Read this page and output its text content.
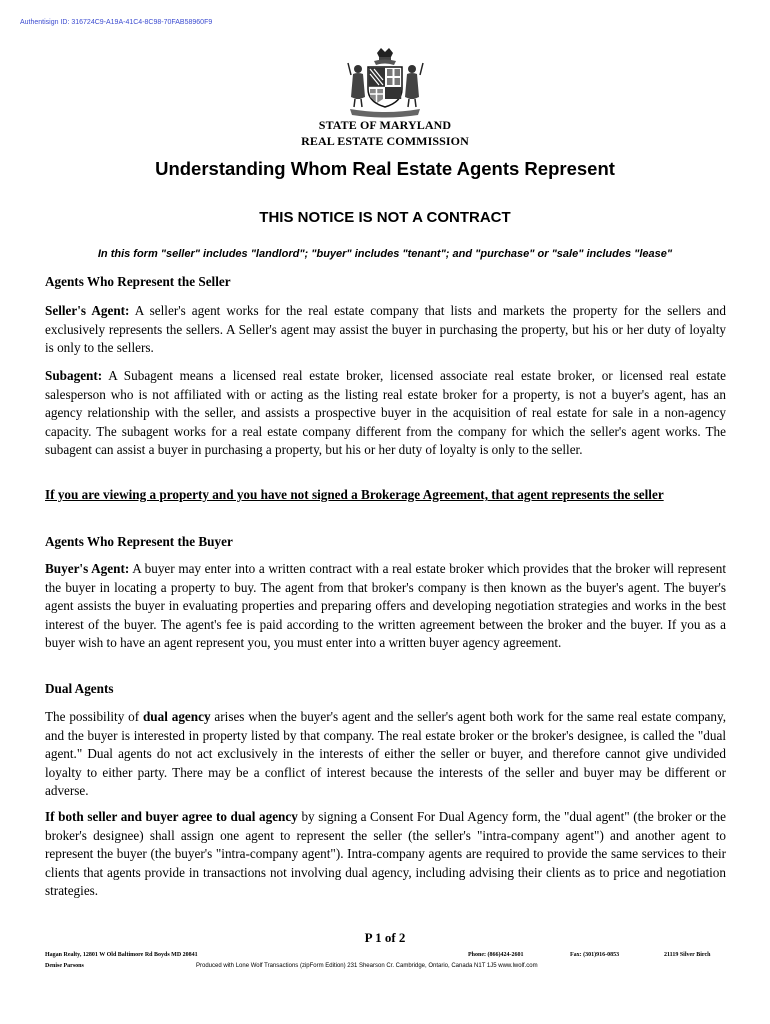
Authentisign ID: 316724C9-A19A-41C4-8C98-70FAB58960F9
STATE OF MARYLAND
REAL ESTATE COMMISSION
Understanding Whom Real Estate Agents Represent
THIS NOTICE IS NOT A CONTRACT
In this form "seller" includes "landlord"; "buyer" includes "tenant"; and "purchase" or "sale" includes "lease"

Agents Who Represent the Seller

Seller's Agent: A seller's agent works for the real estate company that lists and markets the property for the sellers and exclusively represents the sellers. A Seller's agent may assist the buyer in purchasing the property, but his or her duty of loyalty is only to the sellers.

Subagent: A Subagent means a licensed real estate broker, licensed associate real estate broker, or licensed real estate salesperson who is not affiliated with or acting as the listing real estate broker for a property, is not a buyer's agent, has an agency relationship with the seller, and assists a prospective buyer in the acquisition of real estate for sale in a non-agency capacity. The subagent works for a real estate company different from the company for which the seller's agent works. The subagent can assist a buyer in purchasing a property, but his or her duty of loyalty is only to the seller.

If you are viewing a property and you have not signed a Brokerage Agreement, that agent represents the seller

Agents Who Represent the Buyer

Buyer's Agent: A buyer may enter into a written contract with a real estate broker which provides that the broker will represent the buyer in locating a property to buy. The agent from that broker's company is then known as the buyer's agent. The buyer's agent assists the buyer in evaluating properties and preparing offers and developing negotiation strategies and works in the best interest of the buyer. The agent's fee is paid according to the written agreement between the broker and the buyer. If you as a buyer wish to have an agent represent you, you must enter into a written buyer agency agreement.

Dual Agents

The possibility of dual agency arises when the buyer's agent and the seller's agent both work for the same real estate company, and the buyer is interested in property listed by that company. The real estate broker or the broker's designee, is called the "dual agent." Dual agents do not act exclusively in the interests of either the seller or buyer, and therefore cannot give undivided loyalty to either party. There may be a conflict of interest because the interests of the seller and buyer may be different or adverse.

If both seller and buyer agree to dual agency by signing a Consent For Dual Agency form, the "dual agent" (the broker or the broker's designee) shall assign one agent to represent the seller (the seller's "intra-company agent") and another agent to represent the buyer (the buyer's "intra-company agent"). Intra-company agents are required to provide the same services to their clients that agents provide in transactions not involving dual agency, including advising their clients as to price and negotiation strategies.

P 1 of 2
Hagan Realty, 12801 W Old Baltimore Rd Boyds MD 20841	Phone: (866)424-2601	Fax: (301)916-0853	21119 Silver Birch
Denise Parsons	Produced with Lone Wolf Transactions (zipForm Edition) 231 Shearson Cr. Cambridge, Ontario, Canada N1T 1J5 www.lwolf.com
